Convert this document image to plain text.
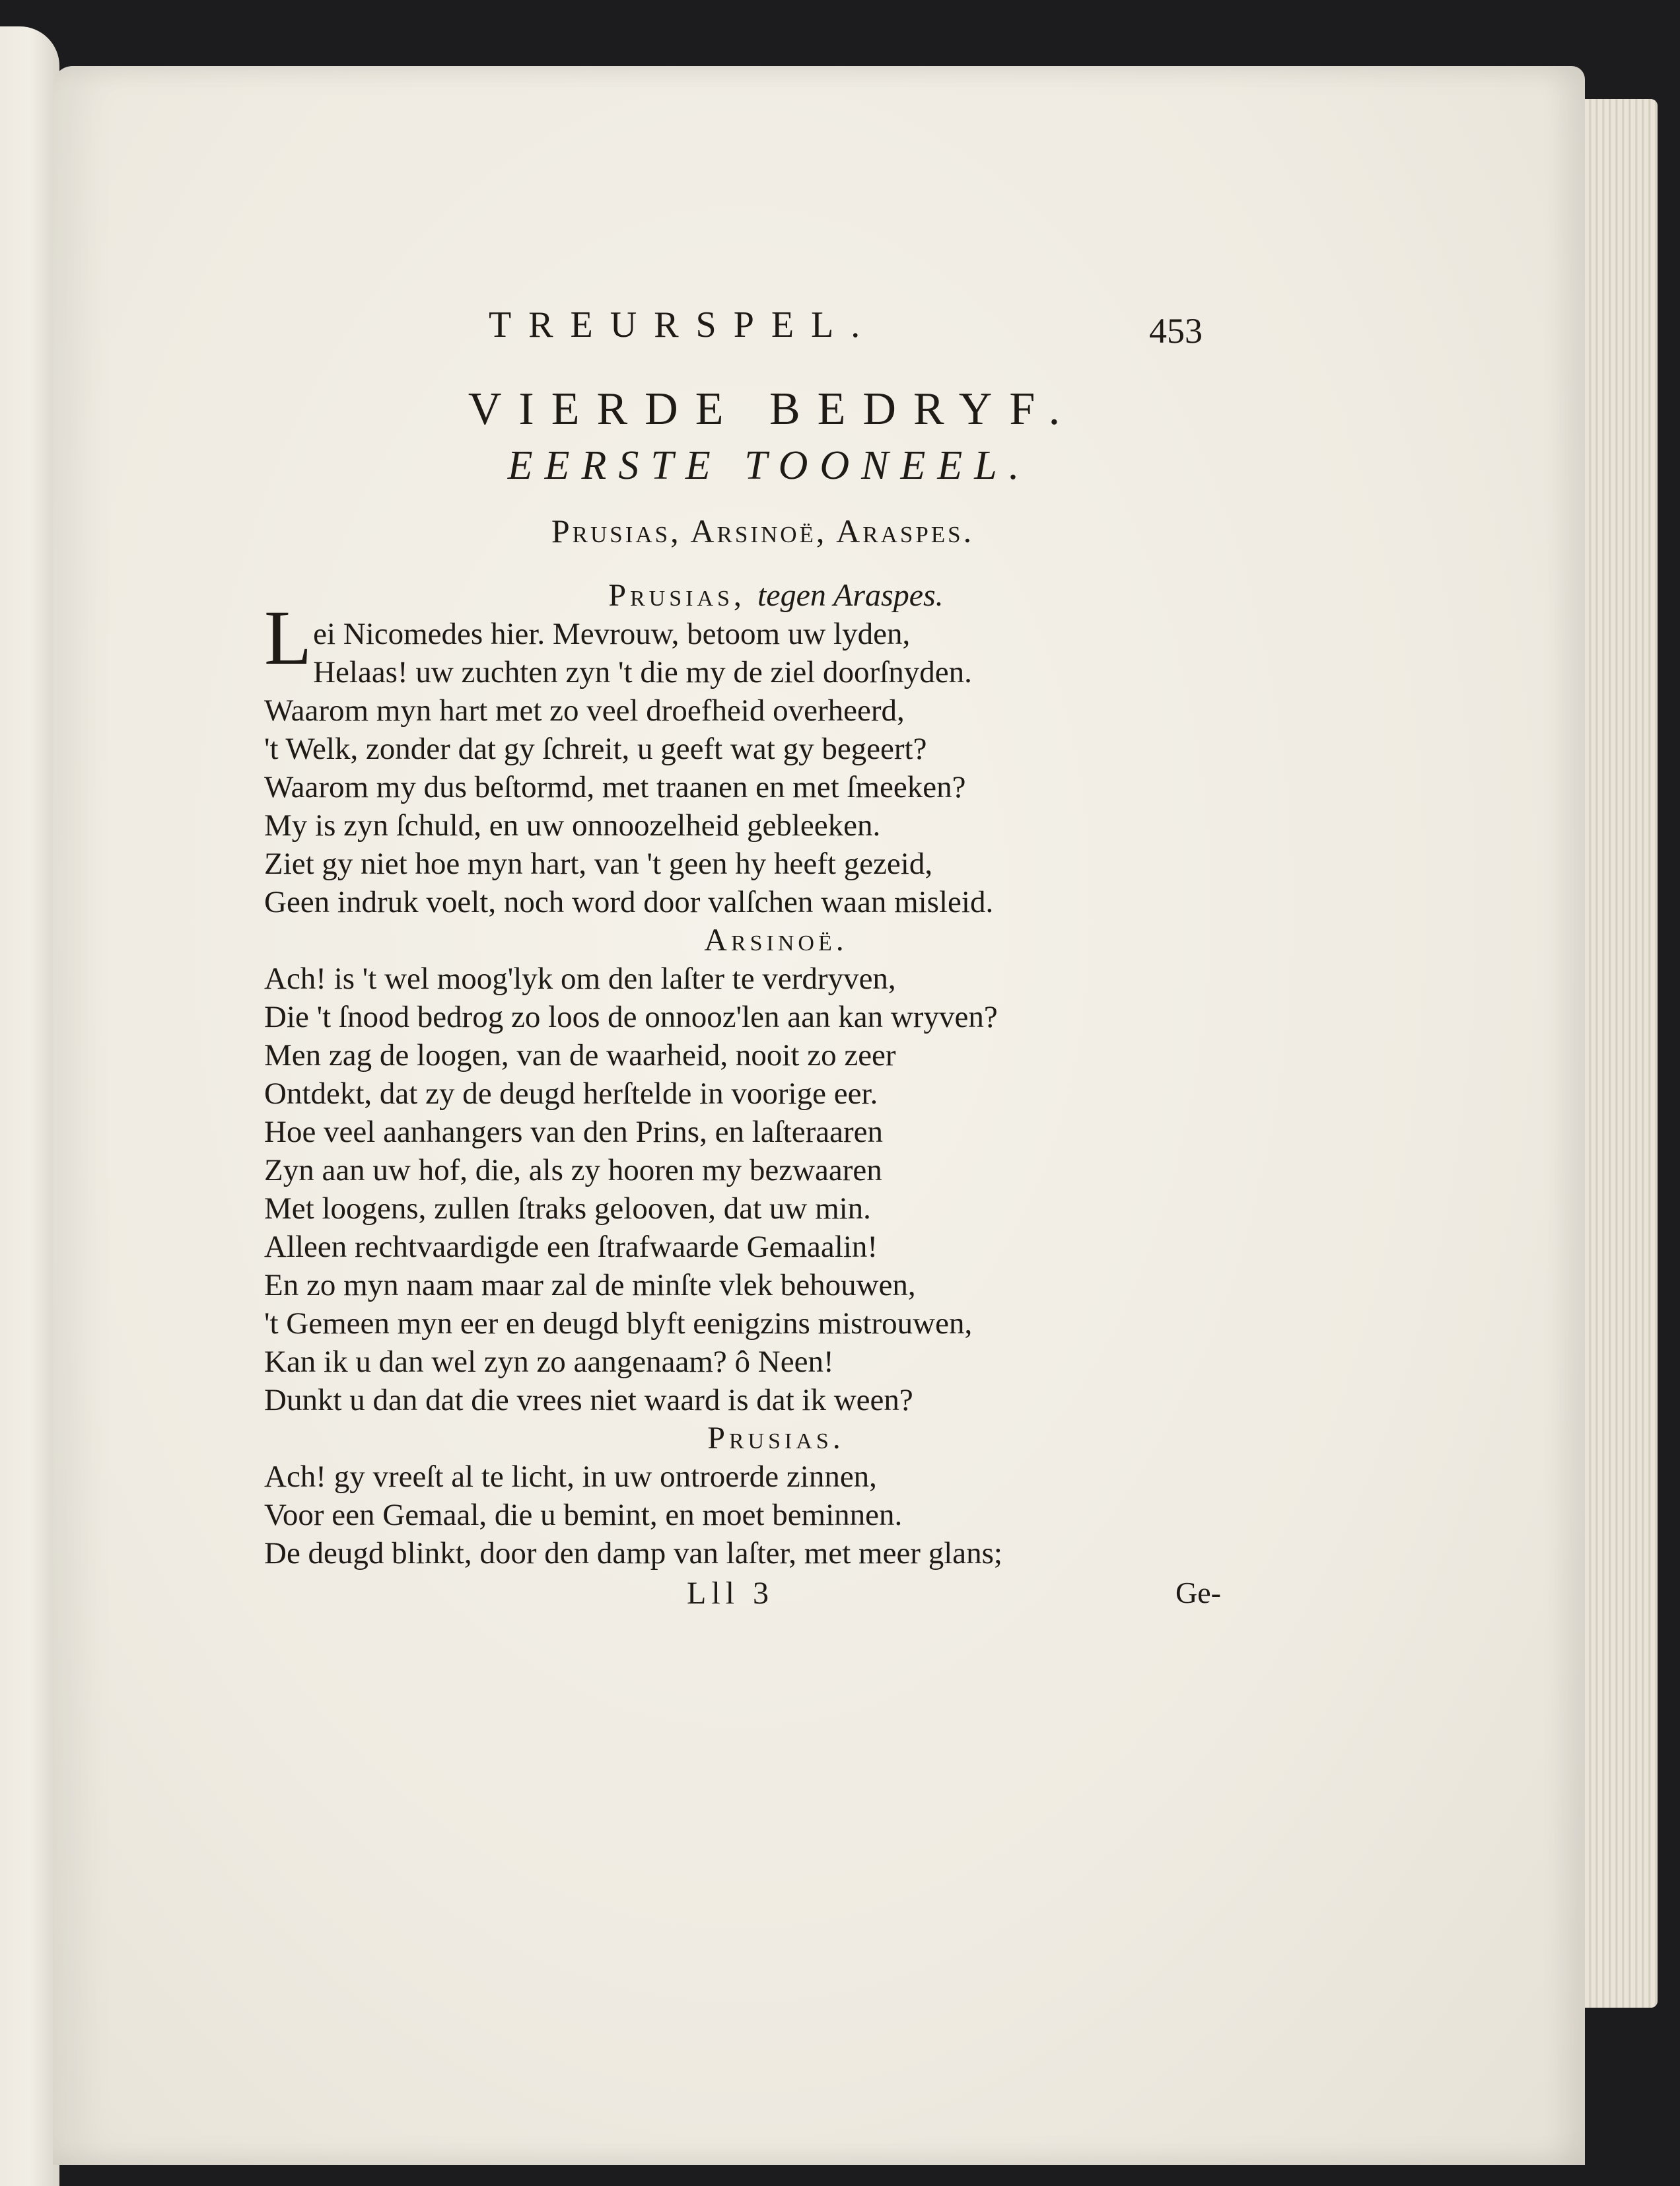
TREURSPEL.	453
VIERDE BEDRYF.
EERSTE TOONEEL.
Prusias, Arsinoë, Araspes.
Prusias, tegen Araspes.
Lei Nicomedes hier. Mevrouw, betoom uw lyden,
Helaas! uw zuchten zyn 't die my de ziel doorſnyden.
Waarom myn hart met zo veel droefheid overheerd,
't Welk, zonder dat gy ſchreit, u geeft wat gy begeert?
Waarom my dus beſtormd, met traanen en met ſmeeken?
My is zyn ſchuld, en uw onnoozelheid gebleeken.
Ziet gy niet hoe myn hart, van 't geen hy heeft gezeid,
Geen indruk voelt, noch word door valſchen waan misleid.
Arsinoë.
Ach! is 't wel moog'lyk om den laſter te verdryven,
Die 't ſnood bedrog zo loos de onnooz'len aan kan wryven?
Men zag de loogen, van de waarheid, nooit zo zeer
Ontdekt, dat zy de deugd herſtelde in voorige eer.
Hoe veel aanhangers van den Prins, en laſteraaren
Zyn aan uw hof, die, als zy hooren my bezwaaren
Met loogens, zullen ſtraks gelooven, dat uw min.
Alleen rechtvaardigde een ſtrafwaarde Gemaalin!
En zo myn naam maar zal de minſte vlek behouwen,
't Gemeen myn eer en deugd blyft eenigzins mistrouwen,
Kan ik u dan wel zyn zo aangenaam? ô Neen!
Dunkt u dan dat die vrees niet waard is dat ik ween?
Prusias.
Ach! gy vreeſt al te licht, in uw ontroerde zinnen,
Voor een Gemaal, die u bemint, en moet beminnen.
De deugd blinkt, door den damp van laſter, met meer glans;
Lll 3	Ge-
